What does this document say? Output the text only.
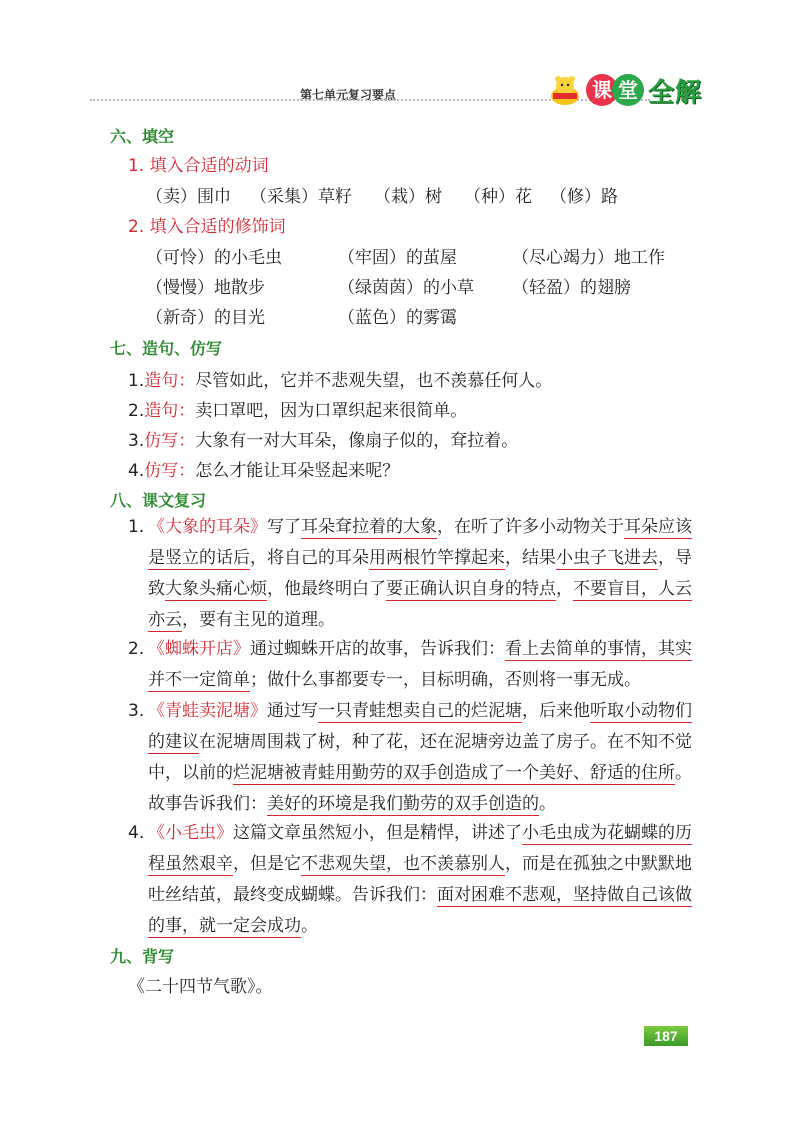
第七单元复习要点	课 堂 全解
六、填空
1. 填入合适的动词
（卖）围巾 （采集）草籽 （栽）树 （种）花 （修）路
2. 填入合适的修饰词
（可怜）的小毛虫	（牢固）的茧屋	（尽心竭力）地工作
（慢慢）地散步	（绿茵茵）的小草 （轻盈）的翅膀
（新奇）的目光	（蓝色）的雾霭
七、造句、仿写
1.造句：尽管如此，它并不悲观失望，也不羡慕任何人。
2.造句：卖口罩吧，因为口罩织起来很简单。
3.仿写：大象有一对大耳朵，像扇子似的，耷拉着。
4.仿写：怎么才能让耳朵竖起来呢？
八、课文复习
1. 《大象的耳朵》写了耳朵耷拉着的大象，在听了许多小动物关于耳朵应该是竖立的话后，将自己的耳朵用两根竹竿撑起来，结果小虫子飞进去，导致大象头痛心烦，他最终明白了要正确认识自身的特点，不要盲目，人云亦云，要有主见的道理。
2. 《蜘蛛开店》通过蜘蛛开店的故事，告诉我们：看上去简单的事情，其实并不一定简单；做什么事都要专一，目标明确，否则将一事无成。
3. 《青蛙卖泥塘》通过写一只青蛙想卖自己的烂泥塘，后来他听取小动物们的建议在泥塘周围栽了树，种了花，还在泥塘旁边盖了房子。在不知不觉中，以前的烂泥塘被青蛙用勤劳的双手创造成了一个美好、舒适的住所。故事告诉我们：美好的环境是我们勤劳的双手创造的。
4. 《小毛虫》这篇文章虽然短小，但是精悍，讲述了小毛虫成为花蝴蝶的历程虽然艰辛，但是它不悲观失望，也不羡慕别人，而是在孤独之中默默地吐丝结茧，最终变成蝴蝶。告诉我们：面对困难不悲观，坚持做自己该做的事，就一定会成功。
九、背写
《二十四节气歌》。
187
